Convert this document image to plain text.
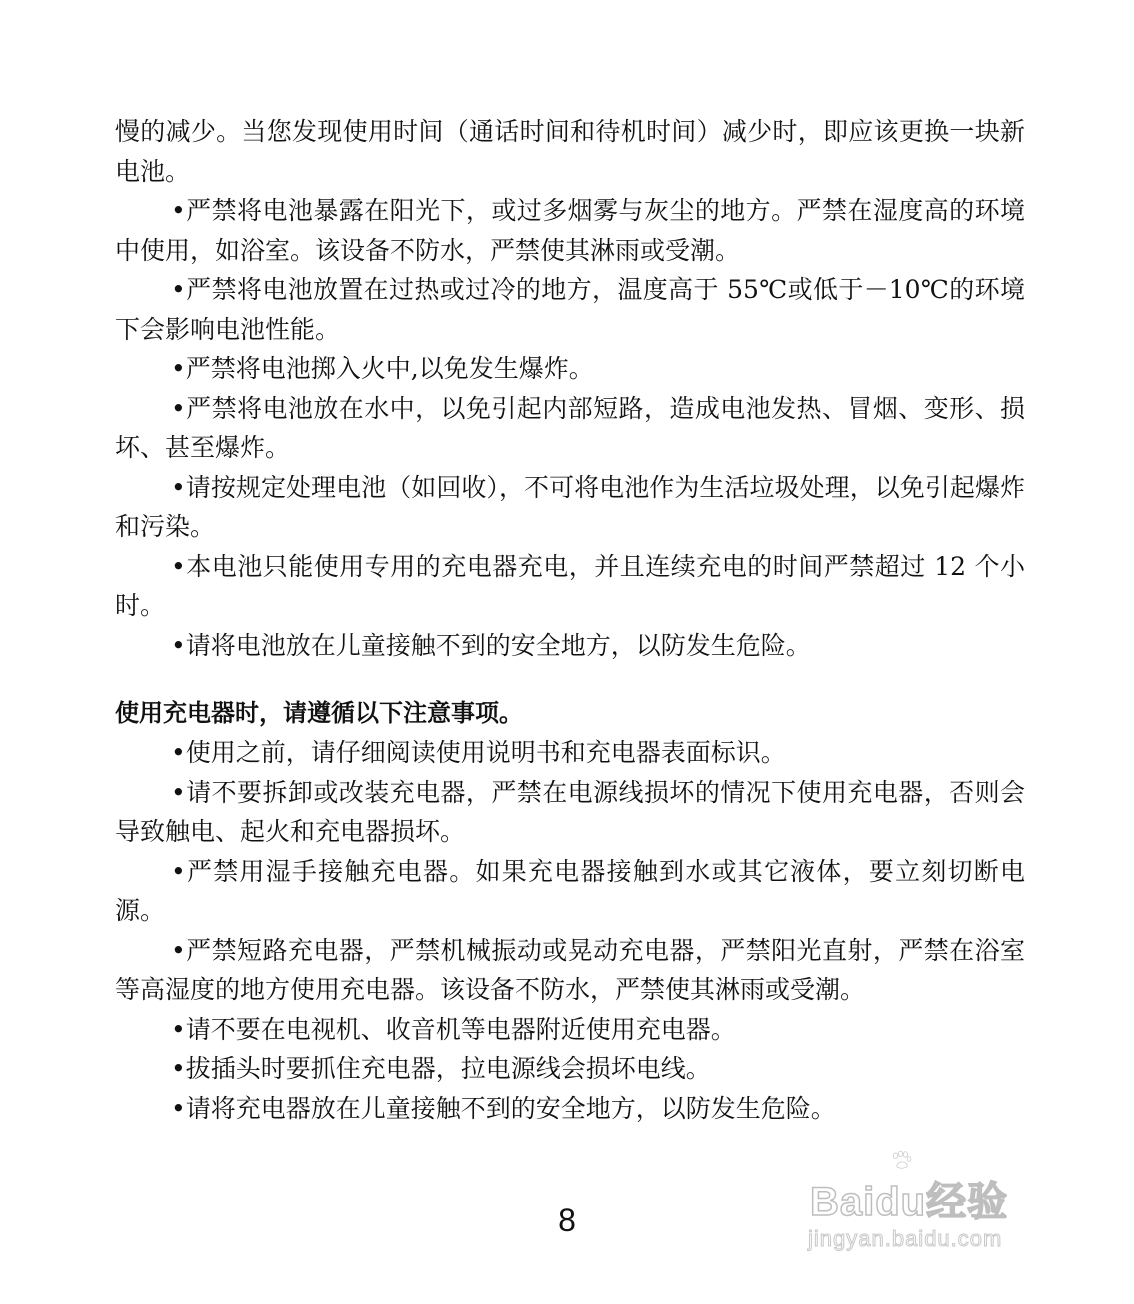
慢的减少。当您发现使用时间（通话时间和待机时间）减少时，即应该更换一块新电池。

•严禁将电池暴露在阳光下，或过多烟雾与灰尘的地方。严禁在湿度高的环境中使用，如浴室。该设备不防水，严禁使其淋雨或受潮。

•严禁将电池放置在过热或过冷的地方，温度高于 55℃或低于－10℃的环境下会影响电池性能。

•严禁将电池掷入火中,以免发生爆炸。

•严禁将电池放在水中，以免引起内部短路，造成电池发热、冒烟、变形、损坏、甚至爆炸。

•请按规定处理电池（如回收），不可将电池作为生活垃圾处理，以免引起爆炸和污染。

•本电池只能使用专用的充电器充电，并且连续充电的时间严禁超过 12 个小时。

•请将电池放在儿童接触不到的安全地方，以防发生危险。

使用充电器时，请遵循以下注意事项。

•使用之前，请仔细阅读使用说明书和充电器表面标识。

•请不要拆卸或改装充电器，严禁在电源线损坏的情况下使用充电器，否则会导致触电、起火和充电器损坏。

•严禁用湿手接触充电器。如果充电器接触到水或其它液体，要立刻切断电源。

•严禁短路充电器，严禁机械振动或晃动充电器，严禁阳光直射，严禁在浴室等高湿度的地方使用充电器。该设备不防水，严禁使其淋雨或受潮。

•请不要在电视机、收音机等电器附近使用充电器。

•拔插头时要抓住充电器，拉电源线会损坏电线。

•请将充电器放在儿童接触不到的安全地方，以防发生危险。

8	Baidu经验
jingyan.baidu.com
